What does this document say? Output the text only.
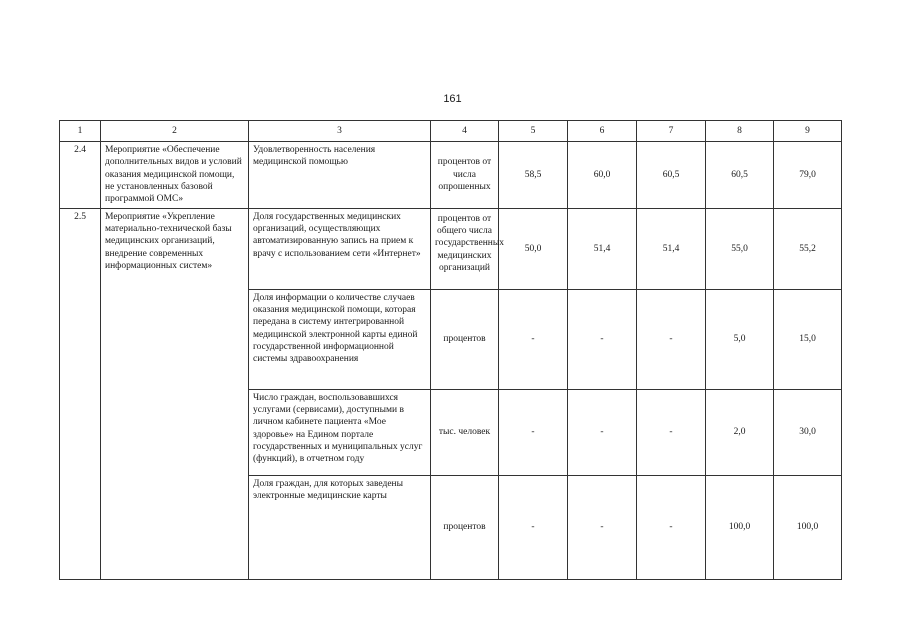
161
1	2	3	4	5	6	7	8	9
2.4	Мероприятие «Обеспечение дополнительных видов и условий оказания медицинской помощи, не установленных базовой программой ОМС»	Удовлетворенность населения медицинской помощью	процентов от числа опрошенных	58,5	60,0	60,5	60,5	79,0
2.5	Мероприятие «Укрепление материально-технической базы медицинских организаций, внедрение современных информационных систем»	Доля государственных медицинских организаций, осуществляющих автоматизированную запись на прием к врачу с использованием сети «Интернет»	процентов от общего числа государственных медицинских организаций	50,0	51,4	51,4	55,0	55,2
		Доля информации о количестве случаев оказания медицинской помощи, которая передана в систему интегрированной медицинской электронной карты единой государственной информационной системы здравоохранения	процентов	-	-	-	5,0	15,0
		Число граждан, воспользовавшихся услугами (сервисами), доступными в личном кабинете пациента «Мое здоровье» на Едином портале государственных и муниципальных услуг (функций), в отчетном году	тыс. человек	-	-	-	2,0	30,0
		Доля граждан, для которых заведены электронные медицинские карты	процентов	-	-	-	100,0	100,0
